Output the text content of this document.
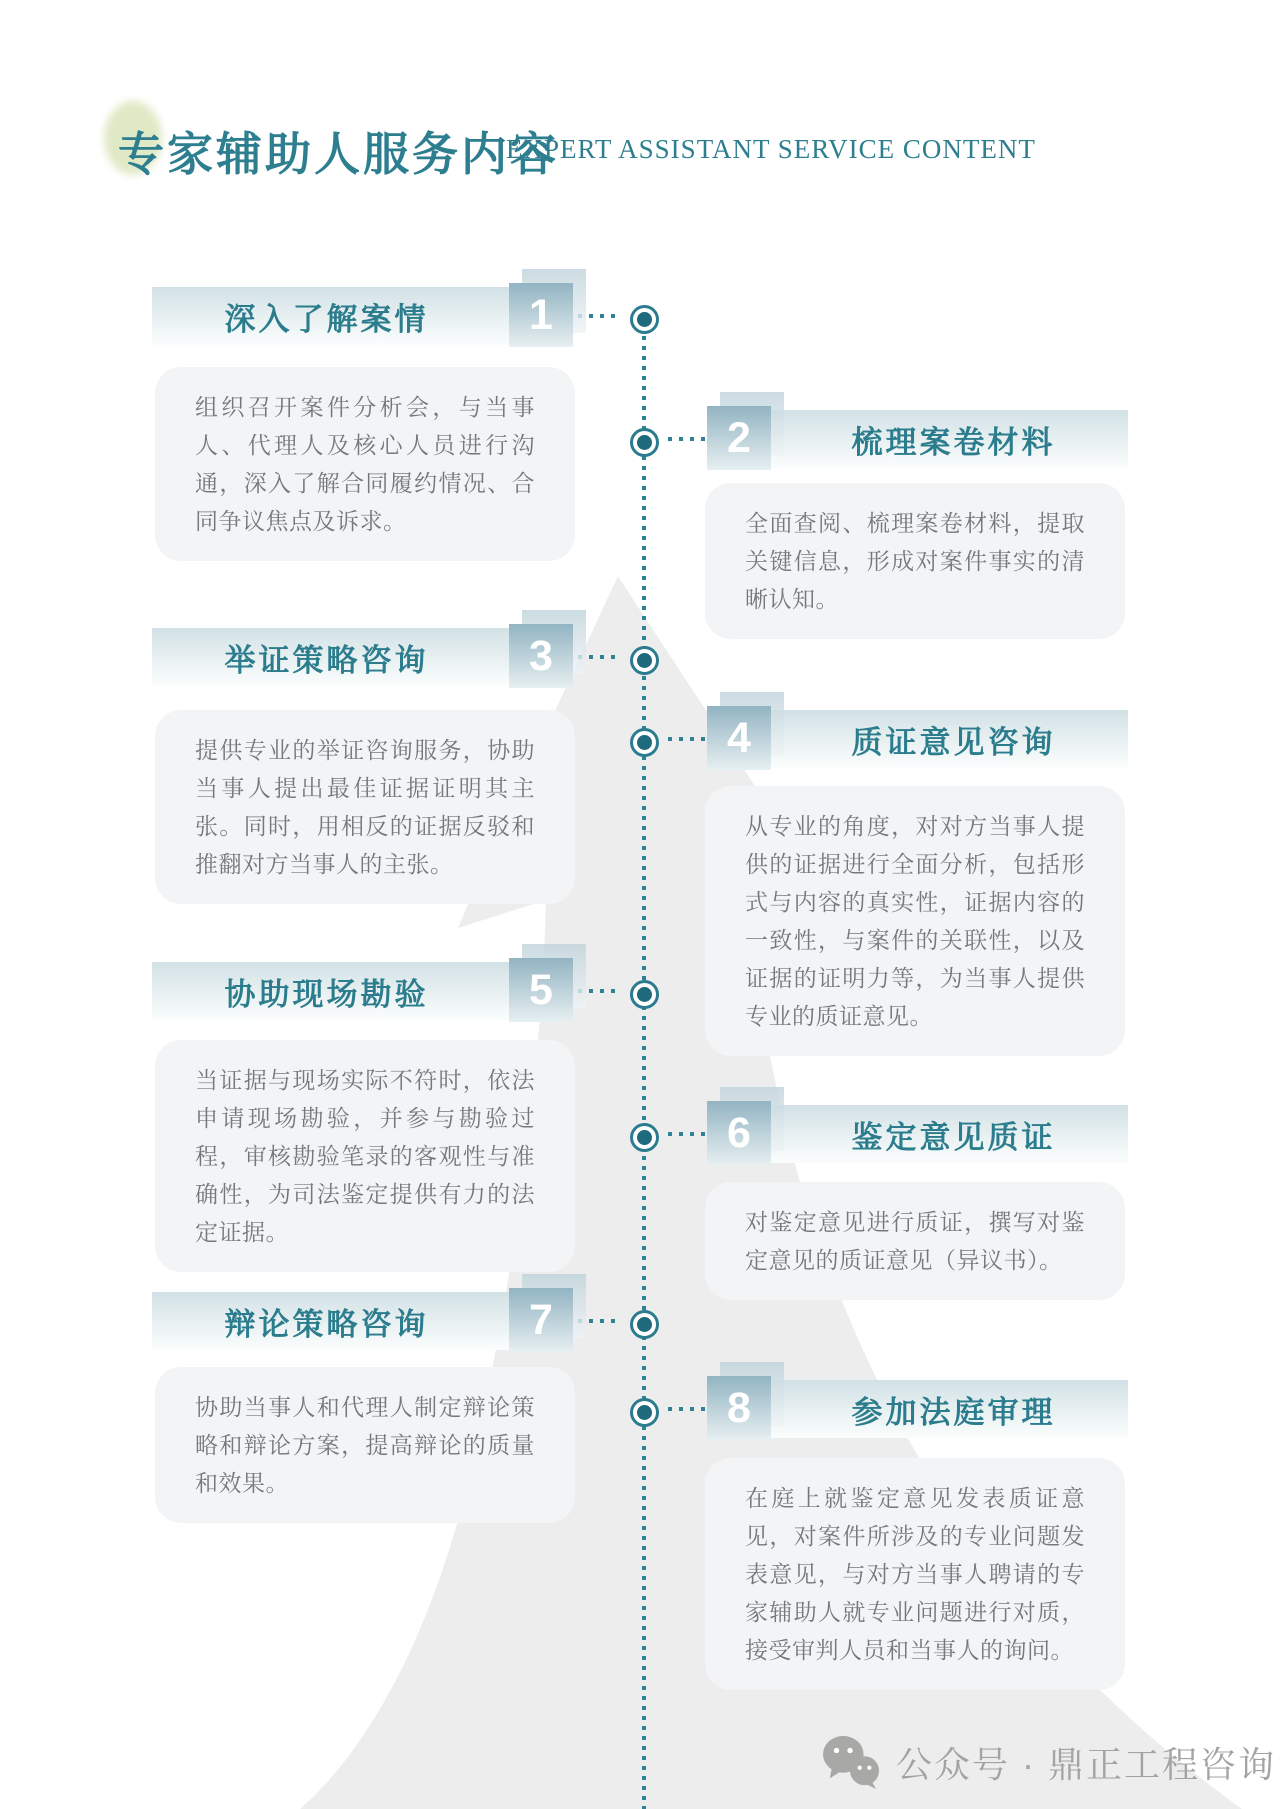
专家辅助人服务内容
EXPERT ASSISTANT SERVICE CONTENT
深入了解案情 1
组织召开案件分析会，与当事人、代理人及核心人员进行沟通，深入了解合同履约情况、合同争议焦点及诉求。
梳理案卷材料
2
全面查阅、梳理案卷材料，提取关键信息，形成对案件事实的清晰认知。
举证策略咨询 3
提供专业的举证咨询服务，协助当事人提出最佳证据证明其主张。同时，用相反的证据反驳和推翻对方当事人的主张。
质证意见咨询
4
从专业的角度，对对方当事人提供的证据进行全面分析，包括形式与内容的真实性，证据内容的一致性，与案件的关联性，以及证据的证明力等，为当事人提供专业的质证意见。
协助现场勘验 5
当证据与现场实际不符时，依法申请现场勘验，并参与勘验过程，审核勘验笔录的客观性与准确性，为司法鉴定提供有力的法定证据。
鉴定意见质证
6
对鉴定意见进行质证，撰写对鉴定意见的质证意见（异议书）。
辩论策略咨询 7
协助当事人和代理人制定辩论策略和辩论方案，提高辩论的质量和效果。
参加法庭审理
8
在庭上就鉴定意见发表质证意见，对案件所涉及的专业问题发表意见，与对方当事人聘请的专家辅助人就专业问题进行对质，接受审判人员和当事人的询问。
公众号 · 鼎正工程咨询
